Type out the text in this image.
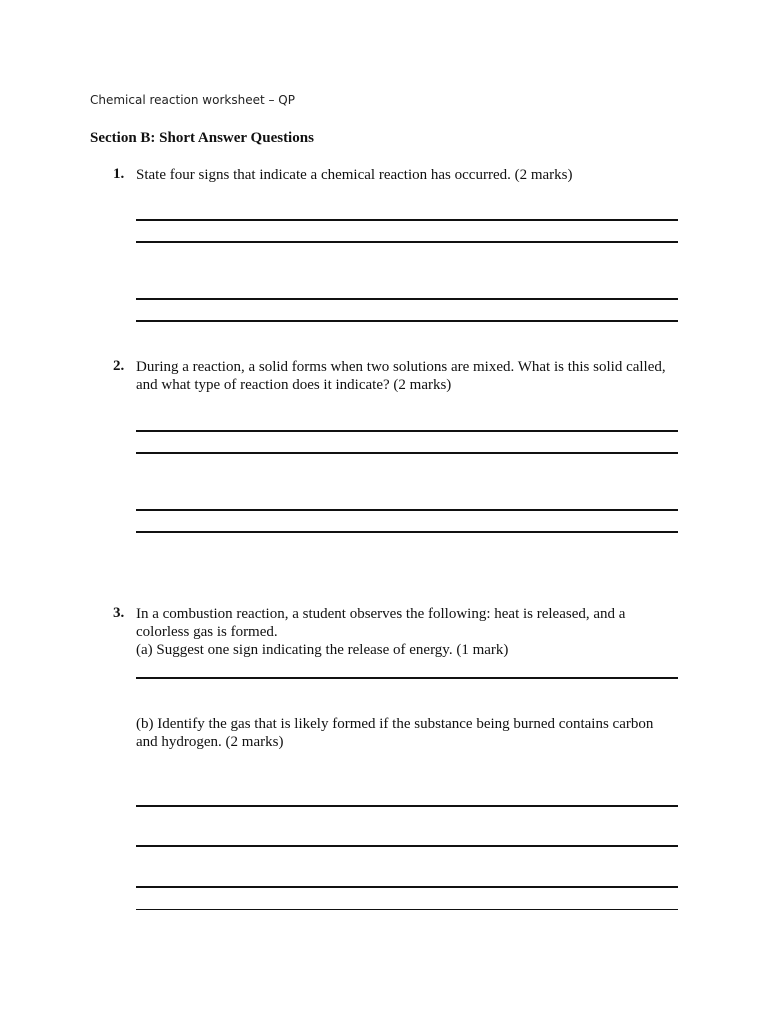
Chemical reaction worksheet – QP
Section B: Short Answer Questions
1. State four signs that indicate a chemical reaction has occurred. (2 marks)
2. During a reaction, a solid forms when two solutions are mixed. What is this solid called,
and what type of reaction does it indicate? (2 marks)
3. In a combustion reaction, a student observes the following: heat is released, and a
colorless gas is formed.
(a) Suggest one sign indicating the release of energy. (1 mark)
(b) Identify the gas that is likely formed if the substance being burned contains carbon
and hydrogen. (2 marks)
